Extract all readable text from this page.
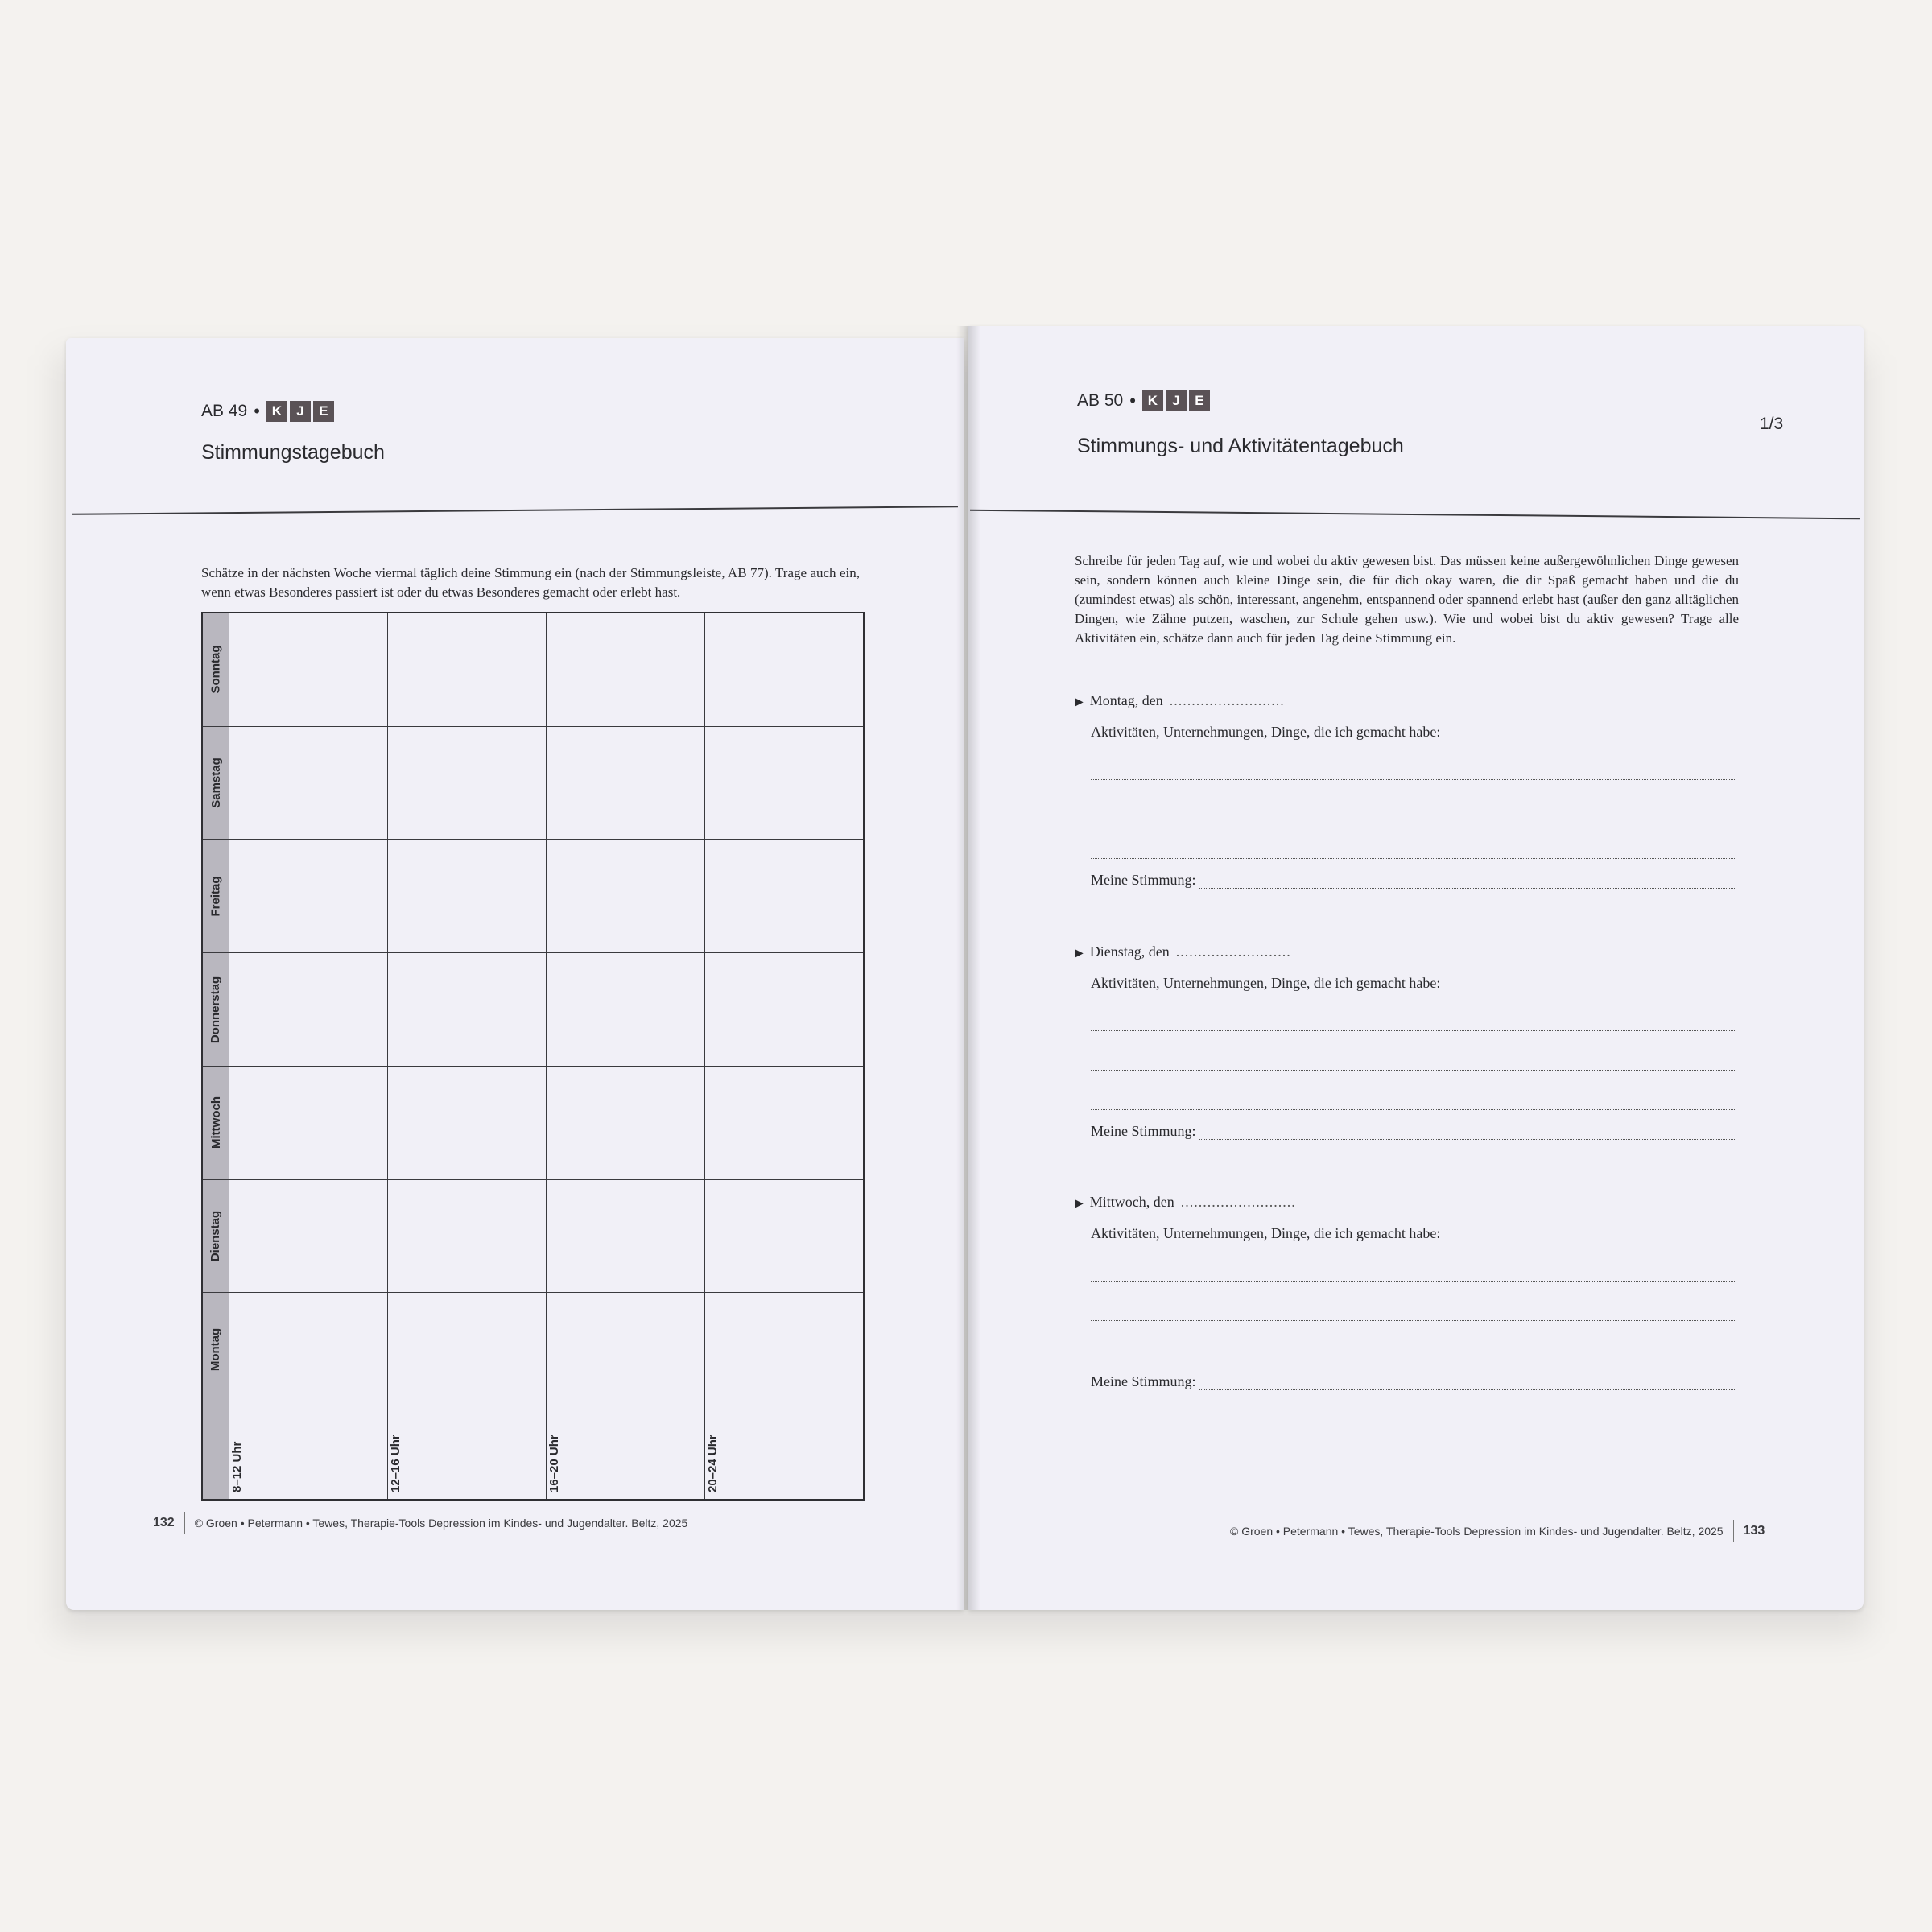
AB 49 • K	J	E
Stimmungstagebuch

Schätze in der nächsten Woche viermal täglich deine Stimmung ein (nach der Stimmungsleiste, AB 77). Trage auch ein, wenn etwas Besonderes passiert ist oder du etwas Besonderes gemacht oder erlebt hast.

Sonntag
Samstag
Freitag
Donnerstag
Mittwoch
Dienstag
Montag
8–12 Uhr	12–16 Uhr	16–20 Uhr	20–24 Uhr
132 © Groen • Petermann • Tewes, Therapie-Tools Depression im Kindes- und Jugendalter. Beltz, 2025
AB 50 • K	J	E
Stimmungs- und Aktivitätentagebuch
1/3

Schreibe für jeden Tag auf, wie und wobei du aktiv gewesen bist. Das müssen keine außergewöhnlichen Dinge gewesen sein, sondern können auch kleine Dinge sein, die für dich okay waren, die dir Spaß gemacht haben und die du (zumindest etwas) als schön, interessant, angenehm, entspannend oder spannend erlebt hast (außer den ganz alltäglichen Dingen, wie Zähne putzen, waschen, zur Schule gehen usw.). Wie und wobei bist du aktiv gewesen? Trage alle Aktivitäten ein, schätze dann auch für jeden Tag deine Stimmung ein.

▶ Montag, den ..........................
Aktivitäten, Unternehmungen, Dinge, die ich gemacht habe:
Meine Stimmung:
▶ Dienstag, den ..........................
Aktivitäten, Unternehmungen, Dinge, die ich gemacht habe:
Meine Stimmung:
▶ Mittwoch, den ..........................
Aktivitäten, Unternehmungen, Dinge, die ich gemacht habe:
Meine Stimmung:
© Groen • Petermann • Tewes, Therapie-Tools Depression im Kindes- und Jugendalter. Beltz, 2025 133
